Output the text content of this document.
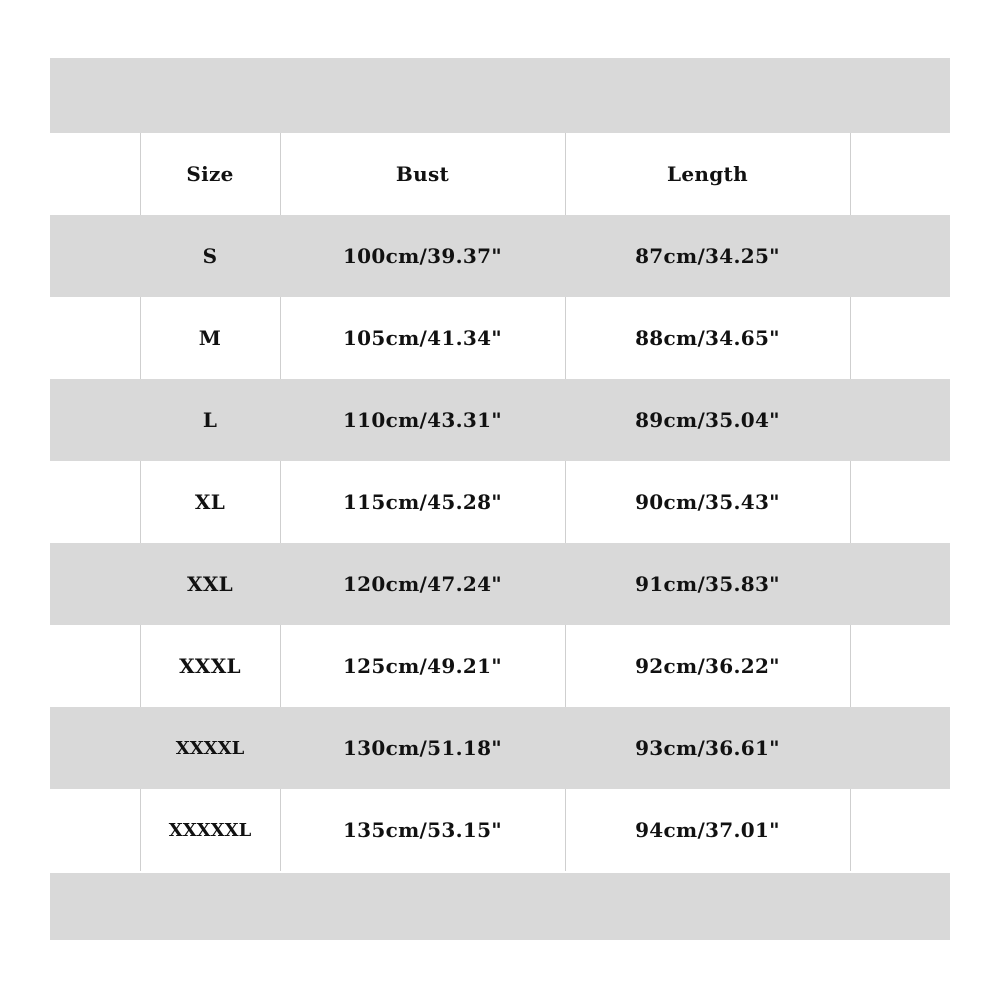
Size	Bust	Length
S	100cm/39.37"	87cm/34.25"
M	105cm/41.34"	88cm/34.65"
L	110cm/43.31"	89cm/35.04"
XL	115cm/45.28"	90cm/35.43"
XXL	120cm/47.24"	91cm/35.83"
XXXL	125cm/49.21"	92cm/36.22"
XXXXL	130cm/51.18"	93cm/36.61"
XXXXXL	135cm/53.15"	94cm/37.01"
